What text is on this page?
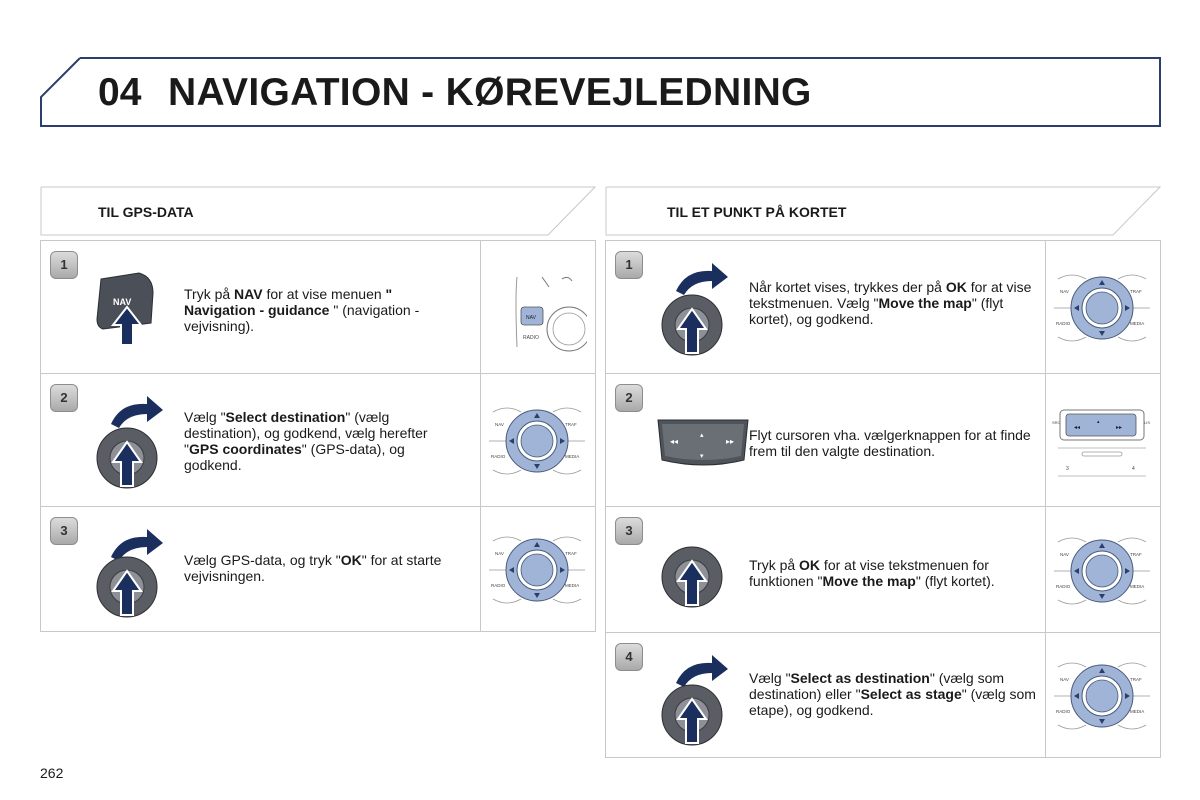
04 NAVIGATION - KØREVEJLEDNING
TIL GPS-DATA	TIL ET PUNKT PÅ KORTET
1
NAV	Tryk på NAV for at vise menuen " Navigation - guidance " (navigation - vejvisning).	NAV
RADIO
2
Vælg "Select destination" (vælg destination), og godkend, vælg herefter "GPS coordinates" (GPS-data), og godkend.
NAV	TRAF
RADIO	MEDIA
3
Vælg GPS-data, og tryk "OK" for at starte vejvisningen.
NAV	TRAF
RADIO	MEDIA
1
Når kortet vises, trykkes der på OK for at vise tekstmenuen. Vælg "Move the map" (flyt kortet), og godkend.
NAV	TRAF
RADIO	MEDIA
2
◂◂	▸▸
▴
▾
Flyt cursoren vha. vælgerknappen for at finde frem til den valgte destination.
◂◂
▴
▸▸
SRC	LIS
3	4
3
Tryk på OK for at vise tekstmenuen for funktionen "Move the map" (flyt kortet).
NAV	TRAF
RADIO	MEDIA
4
Vælg "Select as destination" (vælg som destination) eller "Select as stage" (vælg som etape), og godkend.
NAV	TRAF
RADIO	MEDIA
262
